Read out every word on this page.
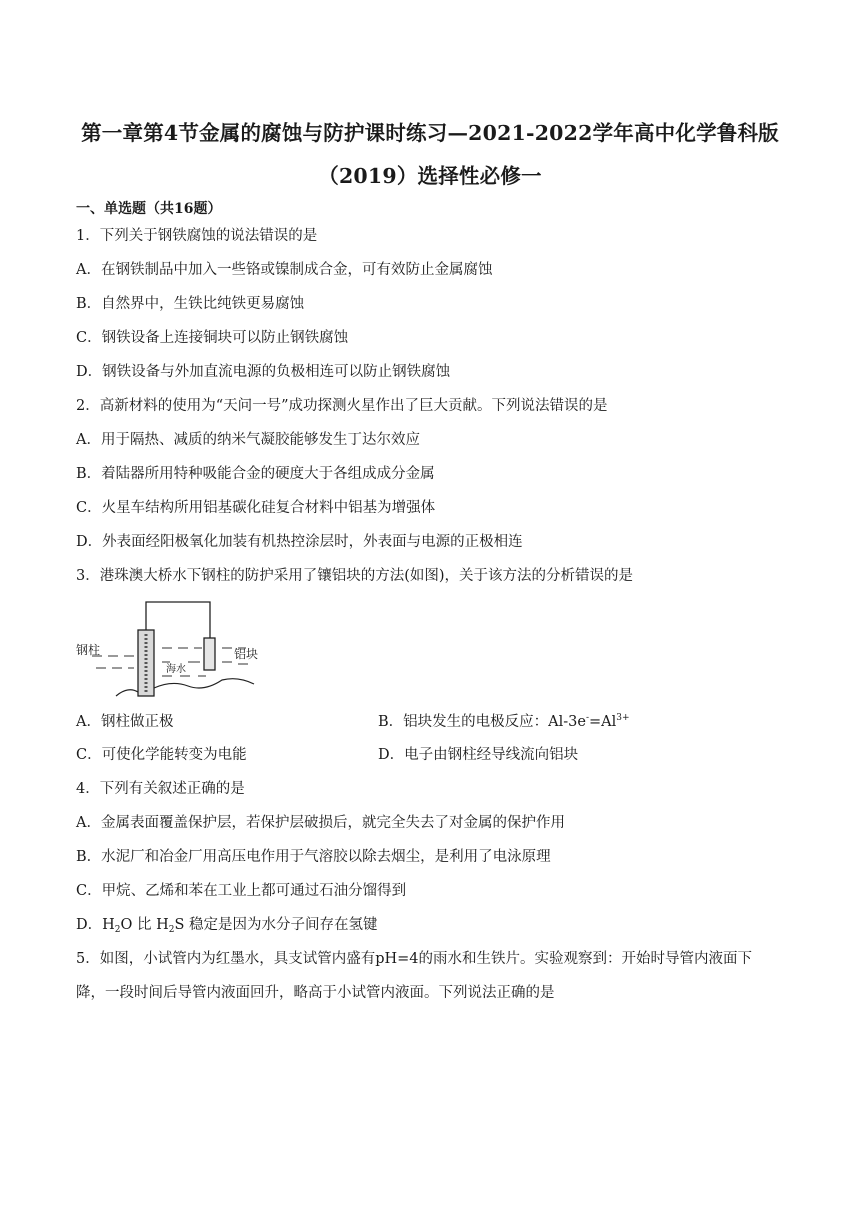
第一章第4节金属的腐蚀与防护课时练习—2021-2022学年高中化学鲁科版
（2019）选择性必修一
一、单选题（共16题）
1．下列关于钢铁腐蚀的说法错误的是
A．在钢铁制品中加入一些铬或镍制成合金，可有效防止金属腐蚀
B．自然界中，生铁比纯铁更易腐蚀
C．钢铁设备上连接铜块可以防止钢铁腐蚀
D．钢铁设备与外加直流电源的负极相连可以防止钢铁腐蚀
2．高新材料的使用为“天问一号”成功探测火星作出了巨大贡献。下列说法错误的是
A．用于隔热、减质的纳米气凝胶能够发生丁达尔效应
B．着陆器所用特种吸能合金的硬度大于各组成成分金属
C．火星车结构所用铝基碳化硅复合材料中铝基为增强体
D．外表面经阳极氧化加装有机热控涂层时，外表面与电源的正极相连
3．港珠澳大桥水下钢柱的防护采用了镶铝块的方法(如图)，关于该方法的分析错误的是
钢柱
海水
铝块
A．钢柱做正极	B．铝块发生的电极反应：$Al-3e^-=Al^{3+}$
C．可使化学能转变为电能	D．电子由钢柱经导线流向铝块
4．下列有关叙述正确的是
A．金属表面覆盖保护层，若保护层破损后，就完全失去了对金属的保护作用
B．水泥厂和冶金厂用高压电作用于气溶胶以除去烟尘，是利用了电泳原理
C．甲烷、乙烯和苯在工业上都可通过石油分馏得到
D．$H_2O$ 比 $H_2S$ 稳定是因为水分子间存在氢键
5．如图，小试管内为红墨水，具支试管内盛有pH=4的雨水和生铁片。实验观察到：开始时导管内液面下
降，一段时间后导管内液面回升，略高于小试管内液面。下列说法正确的是
